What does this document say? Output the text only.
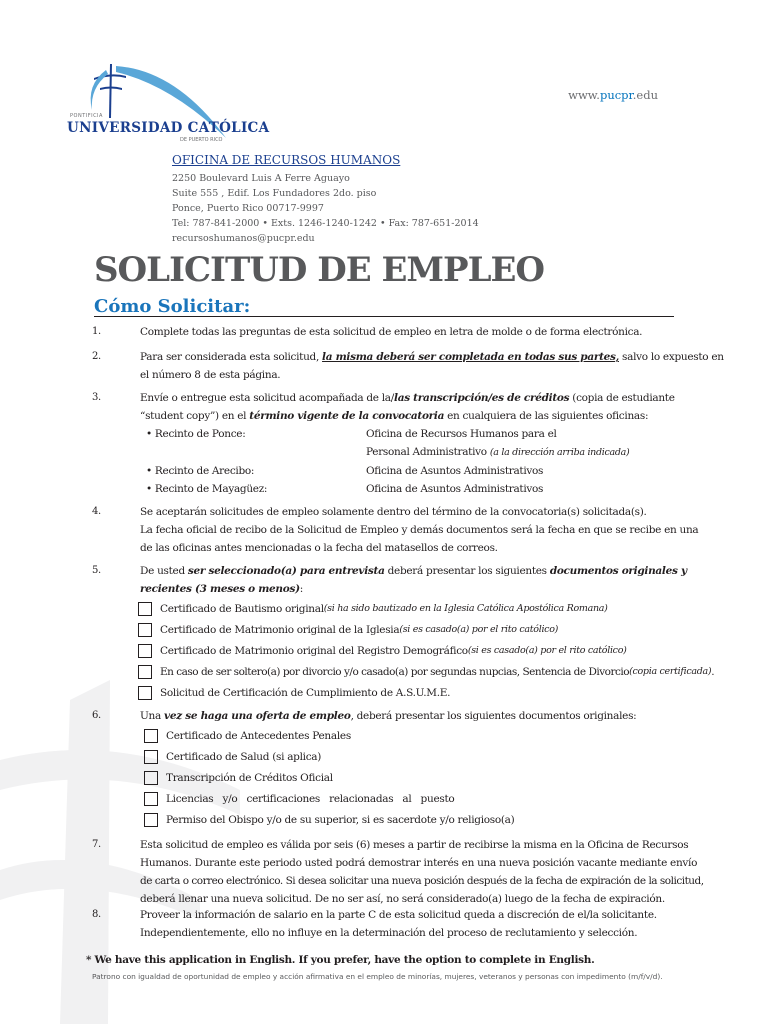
PONTIFICIA
UNIVERSIDAD CATÓLICA
DE PUERTO RICO
www.pucpr.edu
OFICINA DE RECURSOS HUMANOS
2250 Boulevard Luis A Ferre Aguayo
Suite 555 , Edif. Los Fundadores 2do. piso
Ponce, Puerto Rico 00717-9997
Tel: 787-841-2000 • Exts. 1246-1240-1242 • Fax: 787-651-2014
recursoshumanos@pucpr.edu
SOLICITUD DE EMPLEO
Cómo Solicitar:
1.	Complete todas las preguntas de esta solicitud de empleo en letra de molde o de forma electrónica.

2.	Para ser considerada esta solicitud, la misma deberá ser completada en todas sus partes, salvo lo expuesto en

el número 8 de esta página.

3.	Envíe o entregue esta solicitud acompañada de la/las transcripción/es de créditos (copia de estudiante

“student copy”) en el término vigente de la convocatoria en cualquiera de las siguientes oficinas:

• Recinto de Ponce:	Oficina de Recursos Humanos para el
Personal Administrativo (a la dirección arriba indicada)
• Recinto de Arecibo:	Oficina de Asuntos Administrativos
• Recinto de Mayagüez:	Oficina de Asuntos Administrativos
4.	Se aceptarán solicitudes de empleo solamente dentro del término de la convocatoria(s) solicitada(s).

La fecha oficial de recibo de la Solicitud de Empleo y demás documentos será la fecha en que se recibe en una

de las oficinas antes mencionadas o la fecha del matasellos de correos.

5.	De usted ser seleccionado(a) para entrevista deberá presentar los siguientes documentos originales y

recientes (3 meses o menos):

Certificado de Bautismo original (si ha sido bautizado en la Iglesia Católica Apostólica Romana)
Certificado de Matrimonio original de la Iglesia (si es casado(a) por el rito católico)
Certificado de Matrimonio original del Registro Demográfico (si es casado(a) por el rito católico)
En caso de ser soltero(a) por divorcio y/o casado(a) por segundas nupcias, Sentencia de Divorcio (copia certificada) .
Solicitud de Certificación de Cumplimiento de A.S.U.M.E.
6.	Una vez se haga una oferta de empleo, deberá presentar los siguientes documentos originales:

Certificado de Antecedentes Penales
Certificado de Salud (si aplica)
Transcripción de Créditos Oficial
Licencias   y/o   certificaciones   relacionadas   al   puesto
Permiso del Obispo y/o de su superior, si es sacerdote y/o religioso(a)
7.	Esta solicitud de empleo es válida por seis (6) meses a partir de recibirse la misma en la Oficina de Recursos

Humanos. Durante este periodo usted podrá demostrar interés en una nueva posición vacante mediante envío

de carta o correo electrónico. Si desea solicitar una nueva posición después de la fecha de expiración de la solicitud,

deberá llenar una nueva solicitud. De no ser así, no será considerado(a) luego de la fecha de expiración.

8.	Proveer la información de salario en la parte C de esta solicitud queda a discreción de el/la solicitante.

Independientemente, ello no influye en la determinación del proceso de reclutamiento y selección.

* We have this application in English. If you prefer, have the option to complete in English.
Patrono con igualdad de oportunidad de empleo y acción afirmativa en el empleo de minorías, mujeres, veteranos y personas con impedimento (m/f/v/d).
